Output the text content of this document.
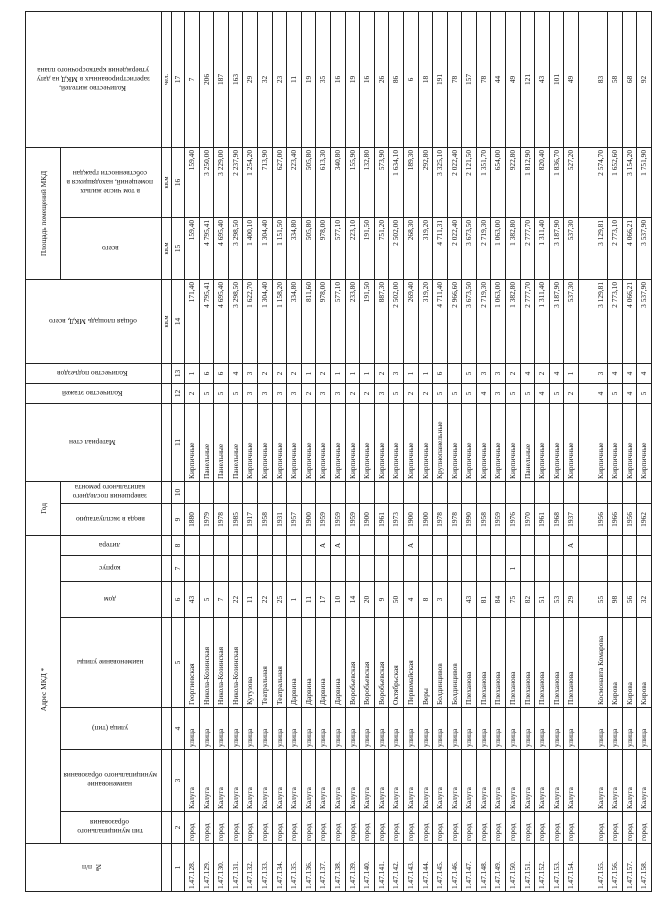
№ п/п	Адрес МКД *							Год		Материал стен	Количество этажей	Количество подъездов	общая площадь МКД, всего	Площадь помещений МКД		Количество жителей, зарегистрированных в МКД на дату утверждения краткосрочного плана
	тип муниципального образования	наименование муниципального образования	улица (тип)	наименование улицы	дом	корпус	литера	ввода в эксплуатацию	завершения последнего капитального ремонта					всего	в том числе жилых помещений, находящихся в собственности граждан	
													кв.м	кв.м	кв.м	чел.
1	2	3	4	5	6	7	8	9	10	11	12	13	14	15	16	17
1.47.128.	город	Калуга	улица	Георгиевская	43			1880		Кирпичные	2	1	171,40	159,40	159,40	7
1.47.129.	город	Калуга	улица	Никола-Козинская	5			1979		Панельные	5	6	4 795,41	4 795,41	3 250,00	206
1.47.130.	город	Калуга	улица	Никола-Козинская	7			1978		Панельные	5	6	4 695,40	4 695,40	3 229,00	187
1.47.131.	город	Калуга	улица	Никола-Козинская	22			1985		Панельные	5	4	3 298,50	3 298,50	2 237,90	163
1.47.132.	город	Калуга	улица	Кутузова	11			1917		Кирпичные	3	3	1 622,70	1 400,10	1 254,20	29
1.47.133.	город	Калуга	улица	Театральная	22			1958		Кирпичные	3	2	1 304,40	1 304,40	713,90	32
1.47.134.	город	Калуга	улица	Театральная	25			1931		Кирпичные	3	2	1 158,20	1 151,50	627,00	23
1.47.135.	город	Калуга	улица	Дарвина	1			1957		Кирпичные	3	2	334,80	334,80	223,40	11
1.47.136.	город	Калуга	улица	Дарвина	11			1900		Кирпичные	2	1	811,60	505,80	505,80	19
1.47.137.	город	Калуга	улица	Дарвина	17		А	1959		Кирпичные	3	2	978,00	978,00	613,30	35
1.47.138.	город	Калуга	улица	Дарвина	10		А	1959		Кирпичные	3	1	577,10	577,10	340,80	16
1.47.139.	город	Калуга	улица	Воробьевская	14			1959		Кирпичные	2	1	233,80	223,10	155,90	19
1.47.140.	город	Калуга	улица	Воробьевская	20			1900		Кирпичные	2	1	191,50	191,50	132,80	16
1.47.141.	город	Калуга	улица	Воробьевская	9			1961		Кирпичные	3	2	887,30	751,20	573,90	26
1.47.142.	город	Калуга	улица	Октябрьская	50			1973		Кирпичные	5	3	2 502,00	2 502,00	1 634,10	86
1.47.143.	город	Калуга	улица	Первомайская	4		А	1900		Кирпичные	2	1	269,40	268,30	189,30	6
1.47.144.	город	Калуга	улица	Веры	8			1900		Кирпичные	2	1	319,20	319,20	292,80	18
1.47.145.	город	Калуга	улица	Болдинцивов	3			1978		Крупнопанельные	5	6	4 711,40	4 711,31	3 325,10	191
1.47.146.	город	Калуга	улица	Болдинцивов				1978		Кирпичные	5		2 966,60	2 022,40	2 022,40	78
1.47.147.	город	Калуга	улица	Плеханова	43			1990		Кирпичные	5	5	3 673,50	3 673,50	2 121,50	157
1.47.148.	город	Калуга	улица	Плеханова	81			1958		Кирпичные	4	3	2 719,30	2 719,30	1 351,70	78
1.47.149.	город	Калуга	улица	Плеханова	84			1959		Кирпичные	3	3	1 063,00	1 063,00	654,00	44
1.47.150.	город	Калуга	улица	Плеханова	75	1		1976		Кирпичные	5	2	1 382,80	1 382,80	922,80	49
1.47.151.	город	Калуга	улица	Плеханова	82			1970		Панельные	5	4	2 777,70	2 777,70	1 812,90	121
1.47.152.	город	Калуга	улица	Плеханова	51			1961		Кирпичные	4	2	1 311,40	1 311,40	820,40	43
1.47.153.	город	Калуга	улица	Плеханова	53			1968		Кирпичные	5	4	3 187,90	3 187,90	1 836,70	101
1.47.154.	город	Калуга	улица	Плеханова	29		А	1937		Кирпичные	2	1	537,30	537,30	527,20	49
1.47.155.	город	Калуга	улица	Космонавта Комарова	55			1956		Кирпичные	4	3	3 129,81	3 129,81	2 574,70	83
1.47.156.	город	Калуга	улица	Кирова	98			1966		Кирпичные	5	4	2 773,10	2 773,10	1 652,60	58
1.47.157.	город	Калуга	улица	Кирова	56			1956		Кирпичные	4	4	4 066,21	4 066,21	3 154,20	68
1.47.158.	город	Калуга	улица	Кирова	32			1962		Кирпичные	5	4	3 537,90	3 537,90	1 751,90	92
